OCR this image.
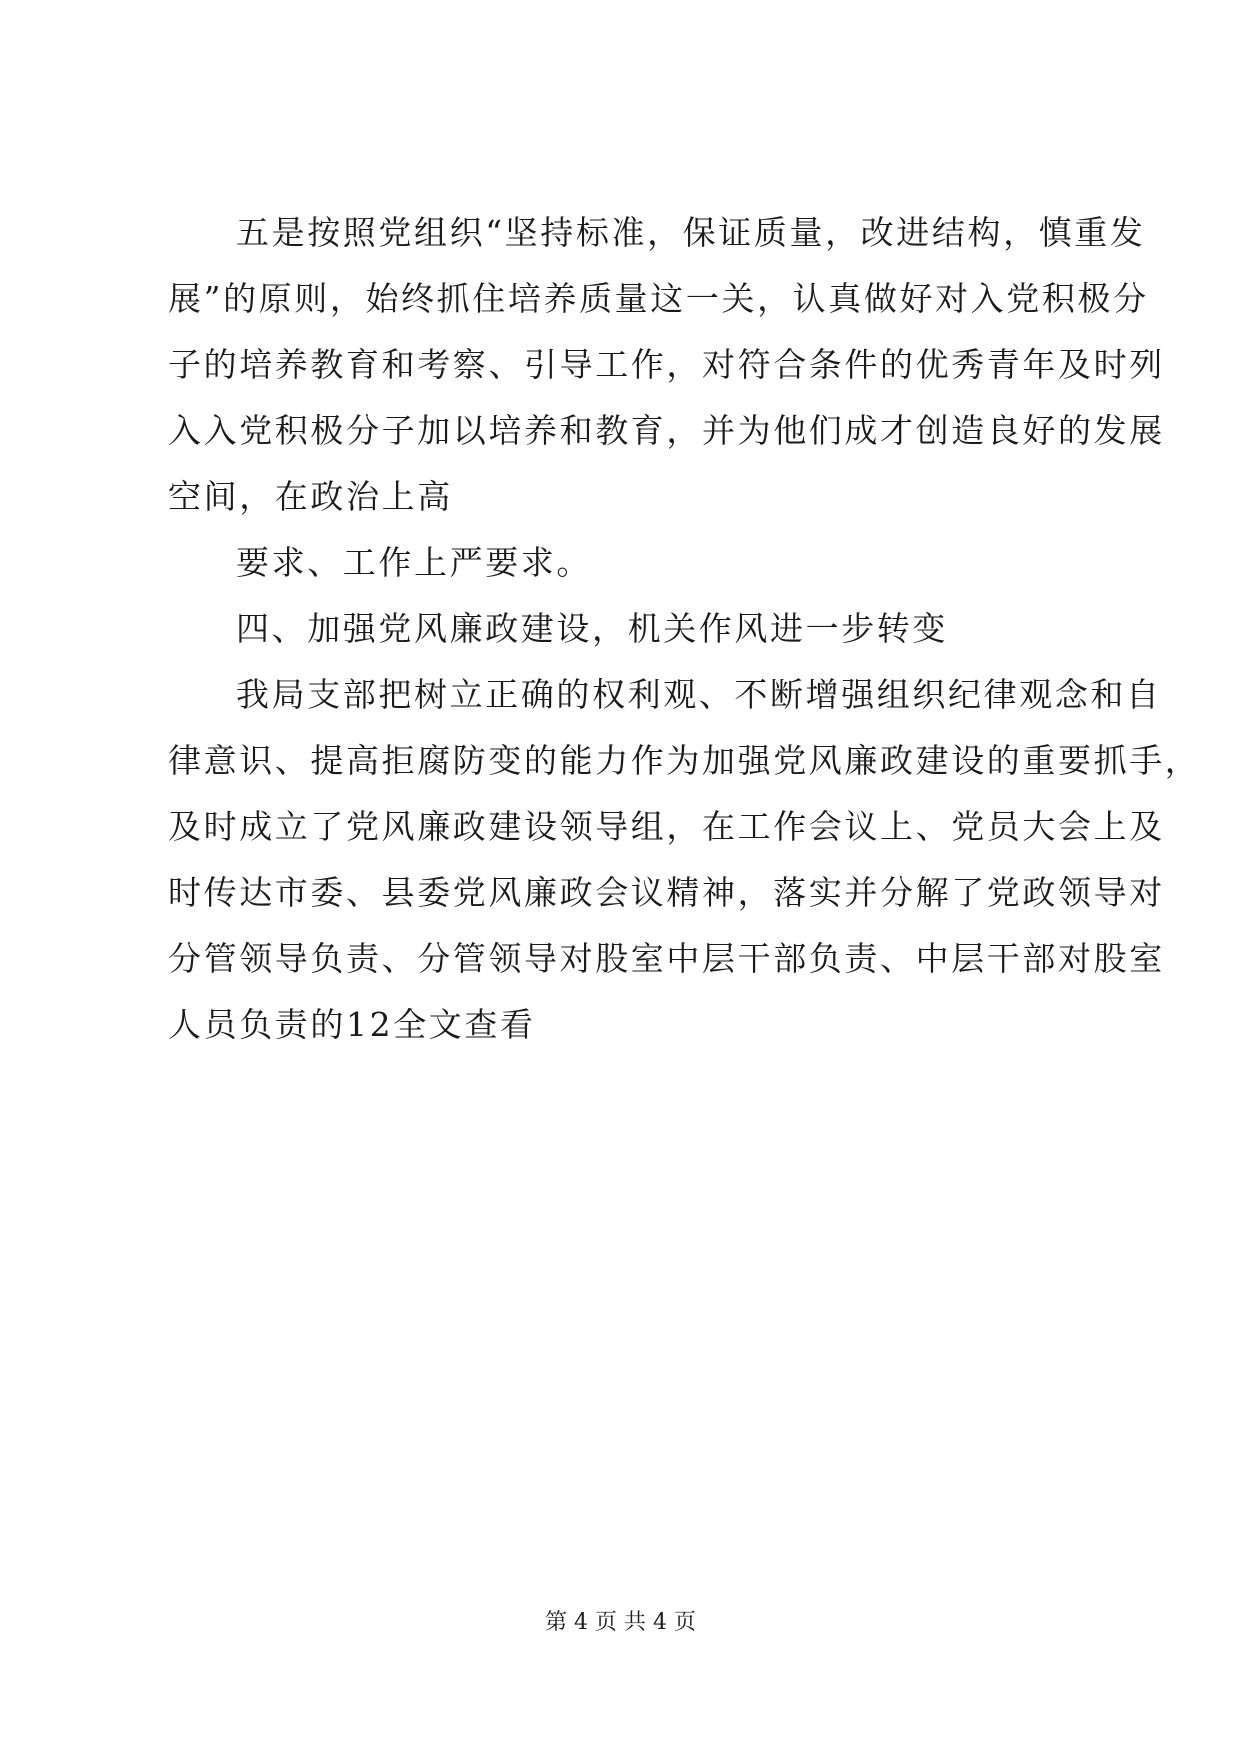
五是按照党组织“坚持标准，保证质量，改进结构，慎重发
展”的原则，始终抓住培养质量这一关，认真做好对入党积极分
子的培养教育和考察、引导工作，对符合条件的优秀青年及时列
入入党积极分子加以培养和教育，并为他们成才创造良好的发展
空间，在政治上高
要求、工作上严要求。
四、加强党风廉政建设，机关作风进一步转变
我局支部把树立正确的权利观、不断增强组织纪律观念和自
律意识、提高拒腐防变的能力作为加强党风廉政建设的重要抓手，
及时成立了党风廉政建设领导组，在工作会议上、党员大会上及
时传达市委、县委党风廉政会议精神，落实并分解了党政领导对
分管领导负责、分管领导对股室中层干部负责、中层干部对股室
人员负责的12全文查看
第 4 页 共 4 页
